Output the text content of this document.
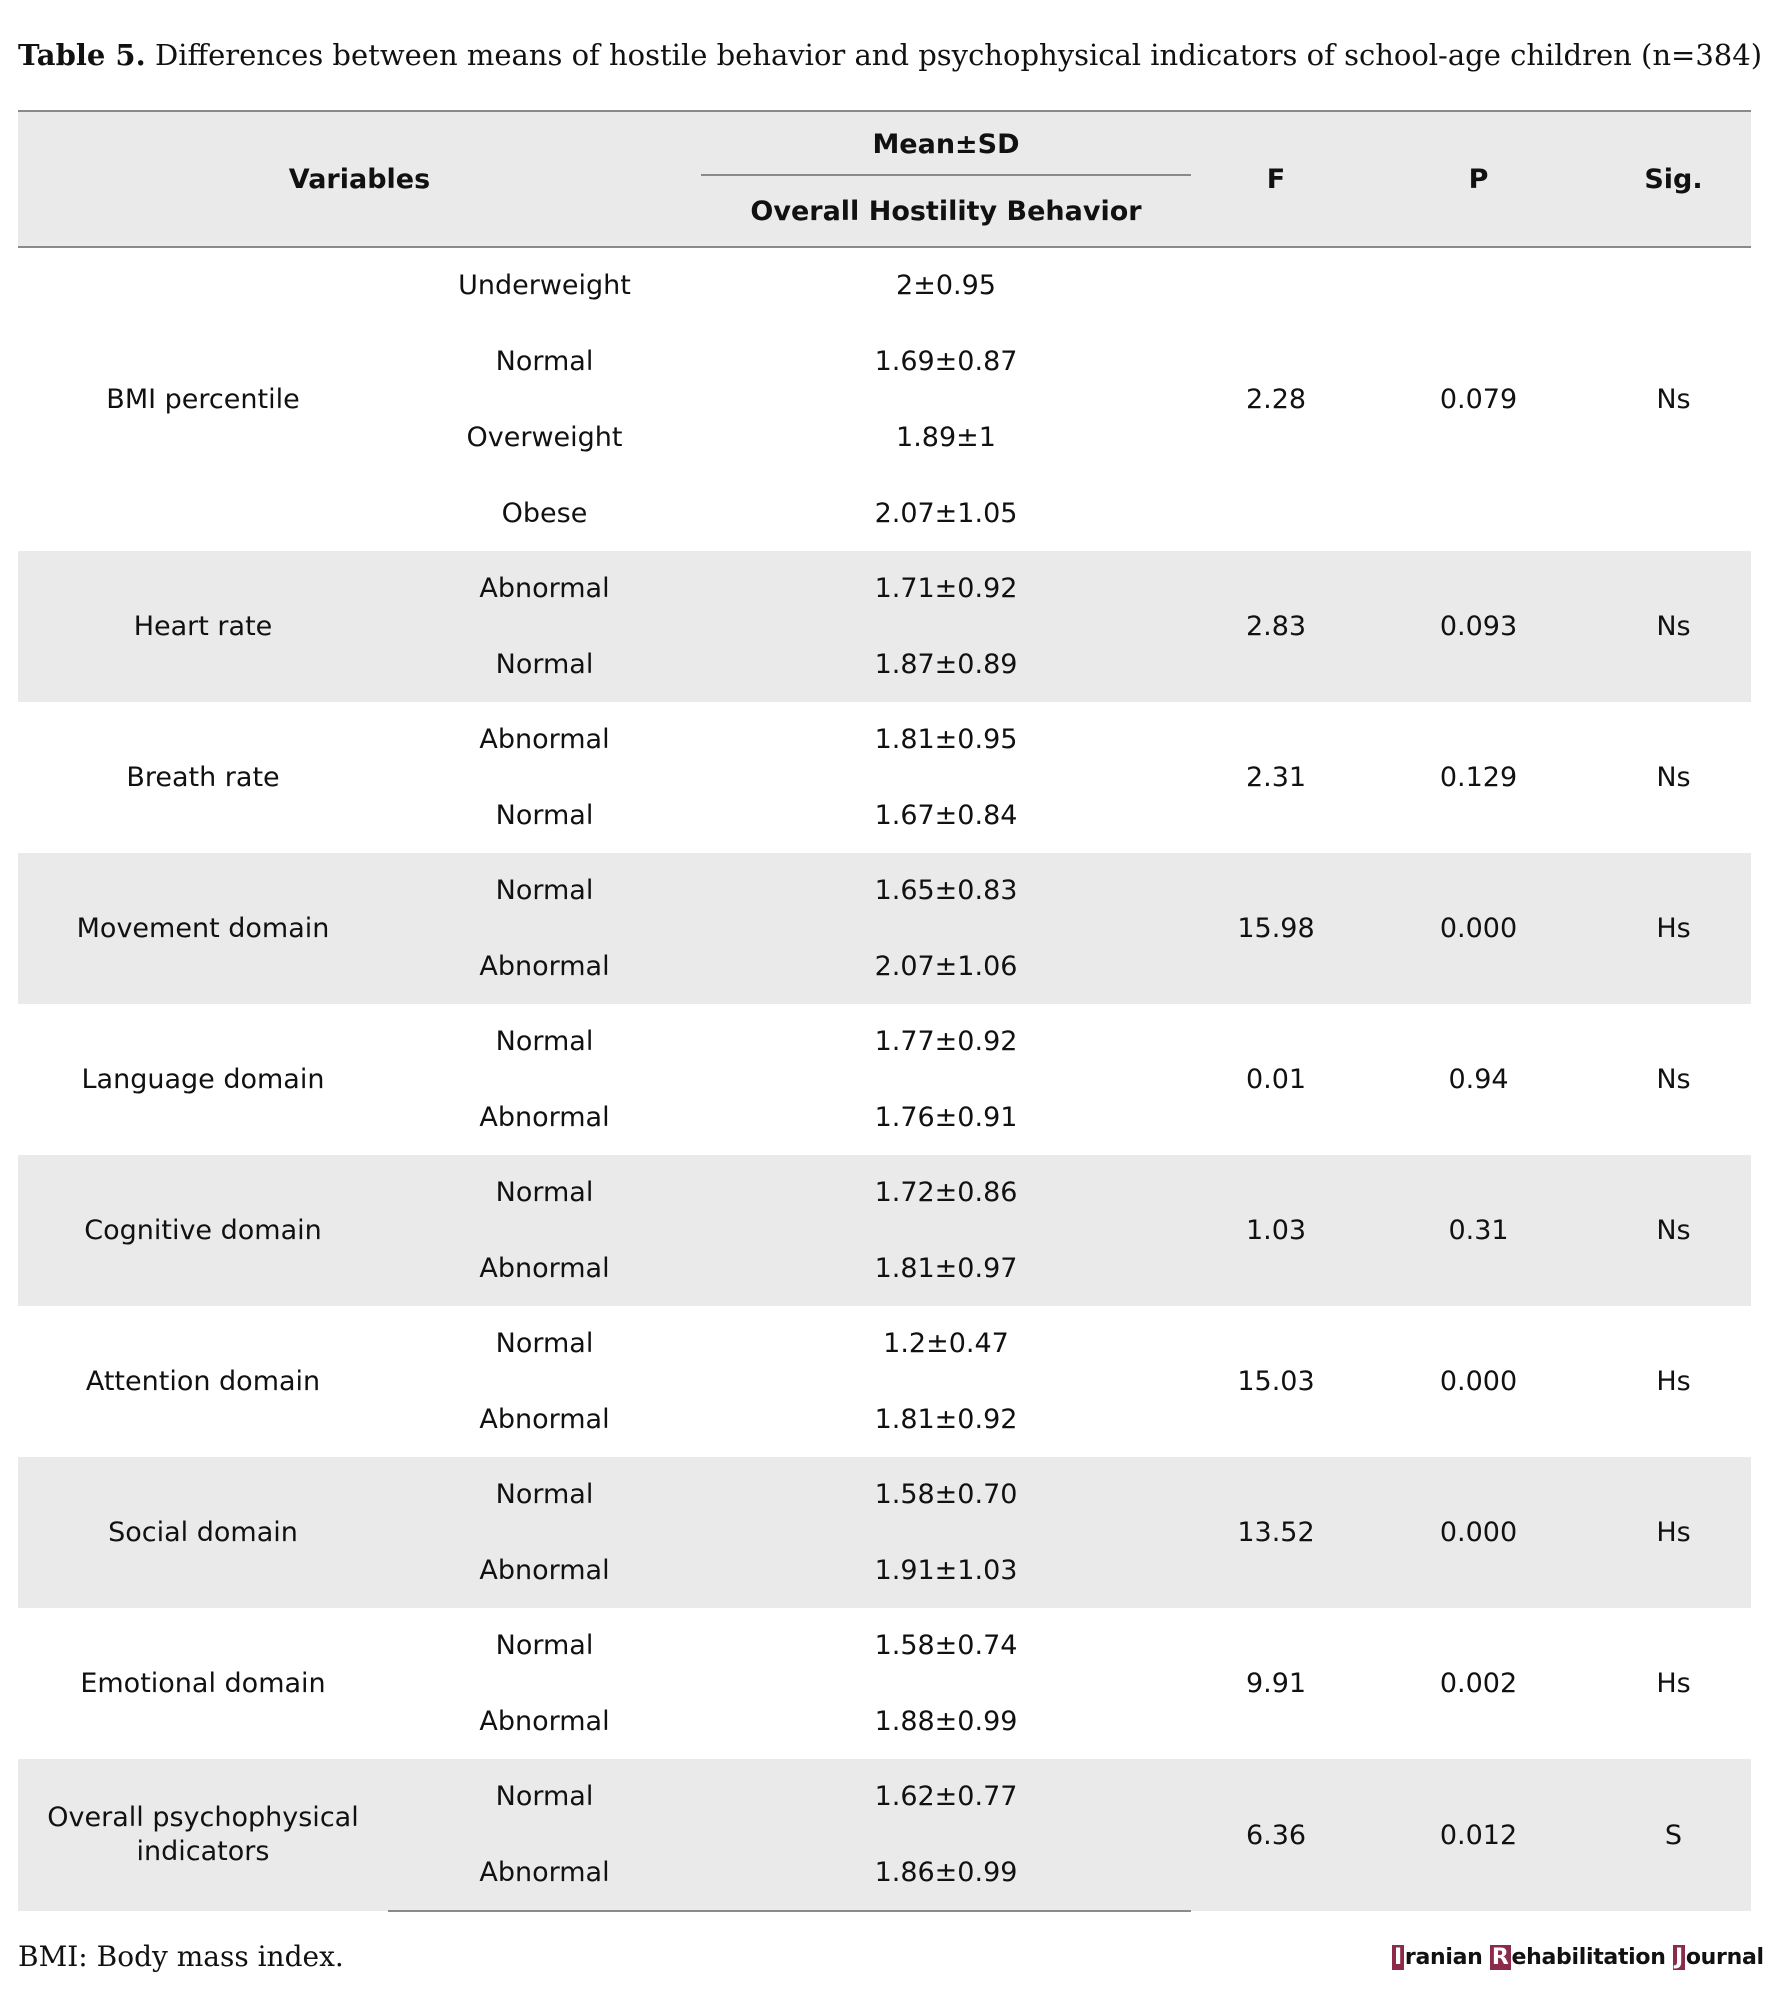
Table 5. Differences between means of hostile behavior and psychophysical indicators of school-age children (n=384)
Variables		Mean±SD	F	P	Sig.
		Overall Hostility Behavior			
BMI percentile	Underweight	2±0.95	2.28	0.079	Ns
	Normal	1.69±0.87			
	Overweight	1.89±1			
	Obese	2.07±1.05			
Heart rate	Abnormal	1.71±0.92	2.83	0.093	Ns
	Normal	1.87±0.89			
Breath rate	Abnormal	1.81±0.95	2.31	0.129	Ns
	Normal	1.67±0.84			
Movement domain	Normal	1.65±0.83	15.98	0.000	Hs
	Abnormal	2.07±1.06			
Language domain	Normal	1.77±0.92	0.01	0.94	Ns
	Abnormal	1.76±0.91			
Cognitive domain	Normal	1.72±0.86	1.03	0.31	Ns
	Abnormal	1.81±0.97			
Attention domain	Normal	1.2±0.47	15.03	0.000	Hs
	Abnormal	1.81±0.92			
Social domain	Normal	1.58±0.70	13.52	0.000	Hs
	Abnormal	1.91±1.03			
Emotional domain	Normal	1.58±0.74	9.91	0.002	Hs
	Abnormal	1.88±0.99			
Overall psychophysical indicators	Normal	1.62±0.77	6.36	0.012	S
	Abnormal	1.86±0.99			
BMI: Body mass index.	I ranian R ehabilitation J ournal
